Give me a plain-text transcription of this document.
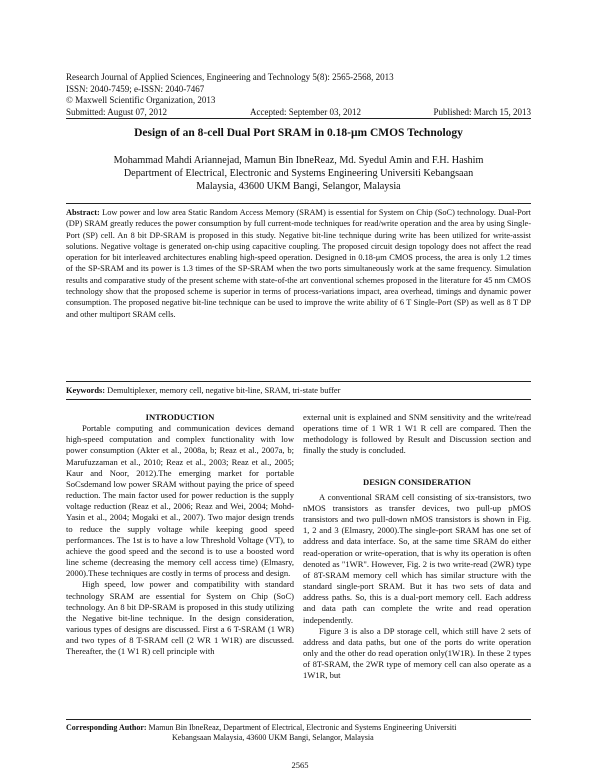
Research Journal of Applied Sciences, Engineering and Technology 5(8): 2565-2568, 2013
ISSN: 2040-7459; e-ISSN: 2040-7467
© Maxwell Scientific Organization, 2013
Submitted: August 07, 2012	Accepted: September 03, 2012	Published: March 15, 2013
Design of an 8-cell Dual Port SRAM in 0.18-μm CMOS Technology
Mohammad Mahdi Ariannejad, Mamun Bin IbneReaz, Md. Syedul Amin and F.H. Hashim
Department of Electrical, Electronic and Systems Engineering Universiti Kebangsaan
Malaysia, 43600 UKM Bangi, Selangor, Malaysia
Abstract: Low power and low area Static Random Access Memory (SRAM) is essential for System on Chip (SoC) technology. Dual-Port (DP) SRAM greatly reduces the power consumption by full current-mode techniques for read/write operation and the area by using Single-Port (SP) cell. An 8 bit DP-SRAM is proposed in this study. Negative bit-line technique during write has been utilized for write-assist solutions. Negative voltage is generated on-chip using capacitive coupling. The proposed circuit design topology does not affect the read operation for bit interleaved architectures enabling high-speed operation. Designed in 0.18-μm CMOS process, the area is only 1.2 times of the SP-SRAM and its power is 1.3 times of the SP-SRAM when the two ports simultaneously work at the same frequency. Simulation results and comparative study of the present scheme with state-of-the art conventional schemes proposed in the literature for 45 nm CMOS technology show that the proposed scheme is superior in terms of process-variations impact, area overhead, timings and dynamic power consumption. The proposed negative bit-line technique can be used to improve the write ability of 6 T Single-Port (SP) as well as 8 T DP and other multiport SRAM cells.
Keywords: Demultiplexer, memory cell, negative bit-line, SRAM, tri-state buffer

INTRODUCTION

Portable computing and communication devices demand high-speed computation and complex functionality with low power consumption (Akter et al., 2008a, b; Reaz et al., 2007a, b; Marufuzzaman et al., 2010; Reaz et al., 2003; Reaz et al., 2005; Kaur and Noor, 2012).The emerging market for portable SoCsdemand low power SRAM without paying the price of speed reduction. The main factor used for power reduction is the supply voltage reduction (Reaz et al., 2006; Reaz and Wei, 2004; Mohd-Yasin et al., 2004; Mogaki et al., 2007). Two major design trends to reduce the supply voltage while keeping good speed performances. The 1st is to have a low Threshold Voltage (VT), to achieve the good speed and the second is to use a boosted word line scheme (decreasing the memory cell access time) (Elmasry, 2000).These techniques are costly in terms of process and design.

High speed, low power and compatibility with standard technology SRAM are essential for System on Chip (SoC) technology. An 8 bit DP-SRAM is proposed in this study utilizing the Negative bit-line technique. In the design consideration, various types of designs are discussed. First a 6 T-SRAM (1 WR) and two types of 8 T-SRAM cell (2 WR 1 W1R) are discussed. Thereafter, the (1 W1 R) cell principle with

external unit is explained and SNM sensitivity and the write/read operations time of 1 WR 1 W1 R cell are compared. Then the methodology is followed by Result and Discussion section and finally the study is concluded.

DESIGN CONSIDERATION

A conventional SRAM cell consisting of six-transistors, two nMOS transistors as transfer devices, two pull-up pMOS transistors and two pull-down nMOS transistors is shown in Fig. 1, 2 and 3 (Elmasry, 2000).The single-port SRAM has one set of address and data interface. So, at the same time SRAM do either read-operation or write-operation, that is why its operation is often denoted as "1WR". However, Fig. 2 is two write-read (2WR) type of 8T-SRAM memory cell which has similar structure with the standard single-port SRAM. But it has two sets of data and address paths. So, this is a dual-port memory cell. Each address and data path can complete the write and read operation independently.

Figure 3 is also a DP storage cell, which still have 2 sets of address and data paths, but one of the ports do write operation only and the other do read operation only(1W1R). In these 2 types of 8T-SRAM, the 2WR type of memory cell can also operate as a 1W1R, but

Corresponding Author: Mamun Bin IbneReaz, Department of Electrical, Electronic and Systems Engineering Universiti
Kebangsaan Malaysia, 43600 UKM Bangi, Selangor, Malaysia
2565
